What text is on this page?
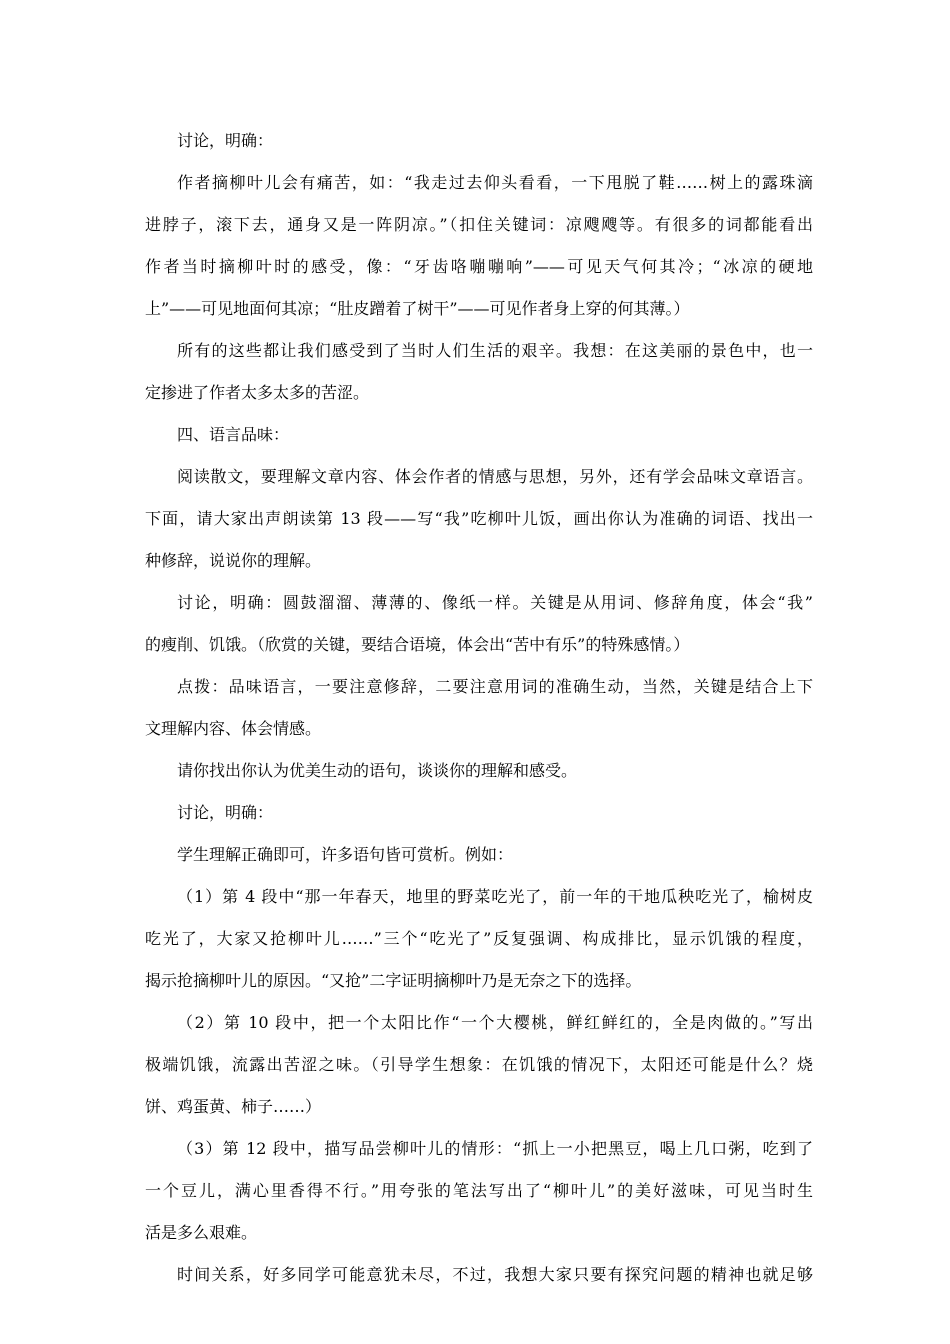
讨论，明确：

作者摘柳叶儿会有痛苦，如：“我走过去仰头看看，一下甩脱了鞋……树上的露珠滴

进脖子，滚下去，通身又是一阵阴凉。”（扣住关键词：凉飕飕等。有很多的词都能看出

作者当时摘柳叶时的感受，像：“牙齿咯嘣嘣响”——可见天气何其冷；“冰凉的硬地

上”——可见地面何其凉；“肚皮蹭着了树干”——可见作者身上穿的何其薄。）

所有的这些都让我们感受到了当时人们生活的艰辛。我想：在这美丽的景色中，也一

定掺进了作者太多太多的苦涩。

四、语言品味：

阅读散文，要理解文章内容、体会作者的情感与思想，另外，还有学会品味文章语言。

下面，请大家出声朗读第 13 段——写“我”吃柳叶儿饭，画出你认为准确的词语、找出一

种修辞，说说你的理解。

讨论，明确：圆鼓溜溜、薄薄的、像纸一样。关键是从用词、修辞角度，体会“我”

的瘦削、饥饿。（欣赏的关键，要结合语境，体会出“苦中有乐”的特殊感情。）

点拨：品味语言，一要注意修辞，二要注意用词的准确生动，当然，关键是结合上下

文理解内容、体会情感。

请你找出你认为优美生动的语句，谈谈你的理解和感受。

讨论，明确：

学生理解正确即可，许多语句皆可赏析。例如：

（1）第 4 段中“那一年春天，地里的野菜吃光了，前一年的干地瓜秧吃光了，榆树皮

吃光了，大家又抢柳叶儿……”三个“吃光了”反复强调、构成排比，显示饥饿的程度，

揭示抢摘柳叶儿的原因。“又抢”二字证明摘柳叶乃是无奈之下的选择。

（2）第 10 段中，把一个太阳比作“一个大樱桃，鲜红鲜红的，全是肉做的。”写出

极端饥饿，流露出苦涩之味。（引导学生想象：在饥饿的情况下，太阳还可能是什么？烧

饼、鸡蛋黄、柿子……）

（3）第 12 段中，描写品尝柳叶儿的情形：“抓上一小把黑豆，喝上几口粥，吃到了

一个豆儿，满心里香得不行。”用夸张的笔法写出了“柳叶儿”的美好滋味，可见当时生

活是多么艰难。

时间关系，好多同学可能意犹未尽，不过，我想大家只要有探究问题的精神也就足够
